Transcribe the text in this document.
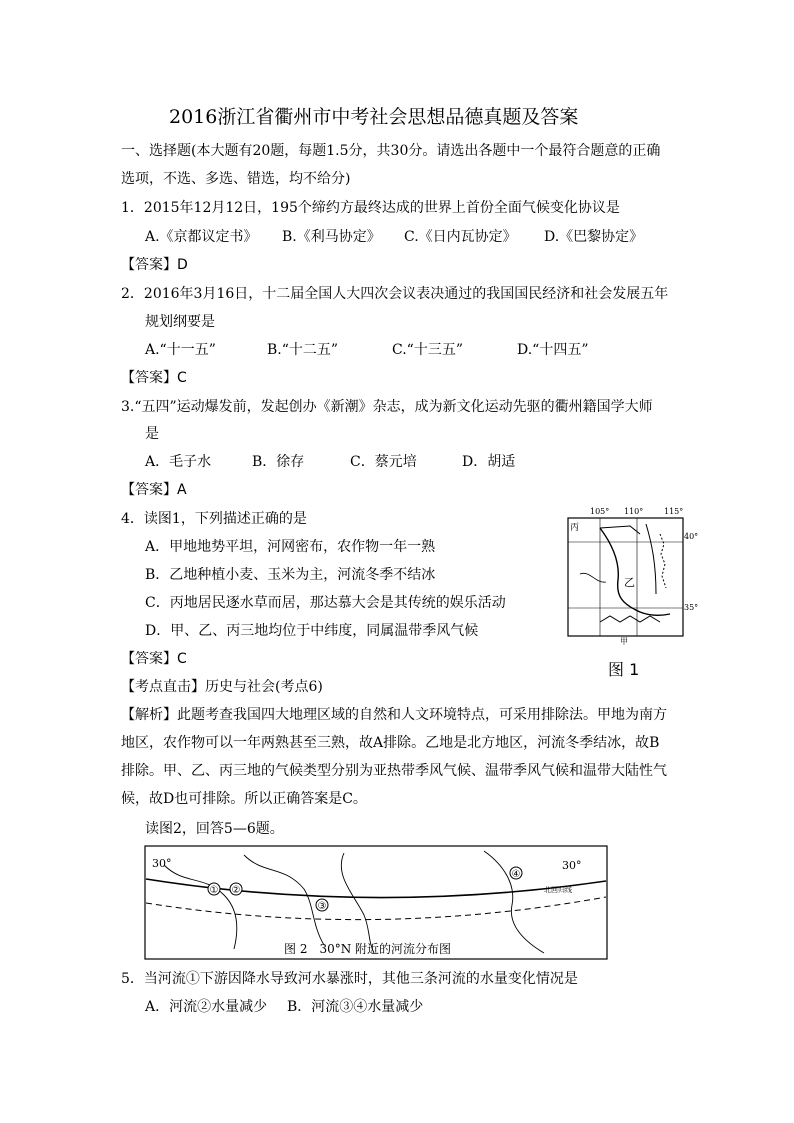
2016浙江省衢州市中考社会思想品德真题及答案
一、选择题(本大题有20题，每题1.5分，共30分。请选出各题中一个最符合题意的正确
选项，不选、多选、错选，均不给分)
1．2015年12月12日，195个缔约方最终达成的世界上首份全面气候变化协议是
A.《京都议定书》 B.《利马协定》 C.《日内瓦协定》 D.《巴黎协定》
【答案】D
2．2016年3月16日，十二届全国人大四次会议表决通过的我国国民经济和社会发展五年
规划纲要是
A.“十一五”	B.“十二五”	C.“十三五”	D.“十四五”
【答案】C
3.“五四”运动爆发前，发起创办《新潮》杂志，成为新文化运动先驱的衢州籍国学大师
是
A．毛子水	B．徐存	C．蔡元培	D．胡适
【答案】A
4．读图1，下列描述正确的是
A．甲地地势平坦，河网密布，农作物一年一熟
B．乙地种植小麦、玉米为主，河流冬季不结冰
C．丙地居民逐水草而居，那达慕大会是其传统的娱乐活动
D．甲、乙、丙三地均位于中纬度，同属温带季风气候
【答案】C
【考点直击】历史与社会(考点6)
【解析】此题考查我国四大地理区域的自然和人文环境特点，可采用排除法。甲地为南方
地区，农作物可以一年两熟甚至三熟，故A排除。乙地是北方地区，河流冬季结冰，故B
排除。甲、乙、丙三地的气候类型分别为亚热带季风气候、温带季风气候和温带大陆性气
候，故D也可排除。所以正确答案是C。
105° 110°	115°
40°
35°
丙
乙
甲
图 1
读图2，回答5—6题。
30°	30°
北回归线
① ②
③
④
图 2　30°N 附近的河流分布图
5．当河流①下游因降水导致河水暴涨时，其他三条河流的水量变化情况是
A．河流②水量减少 B．河流③④水量减少
